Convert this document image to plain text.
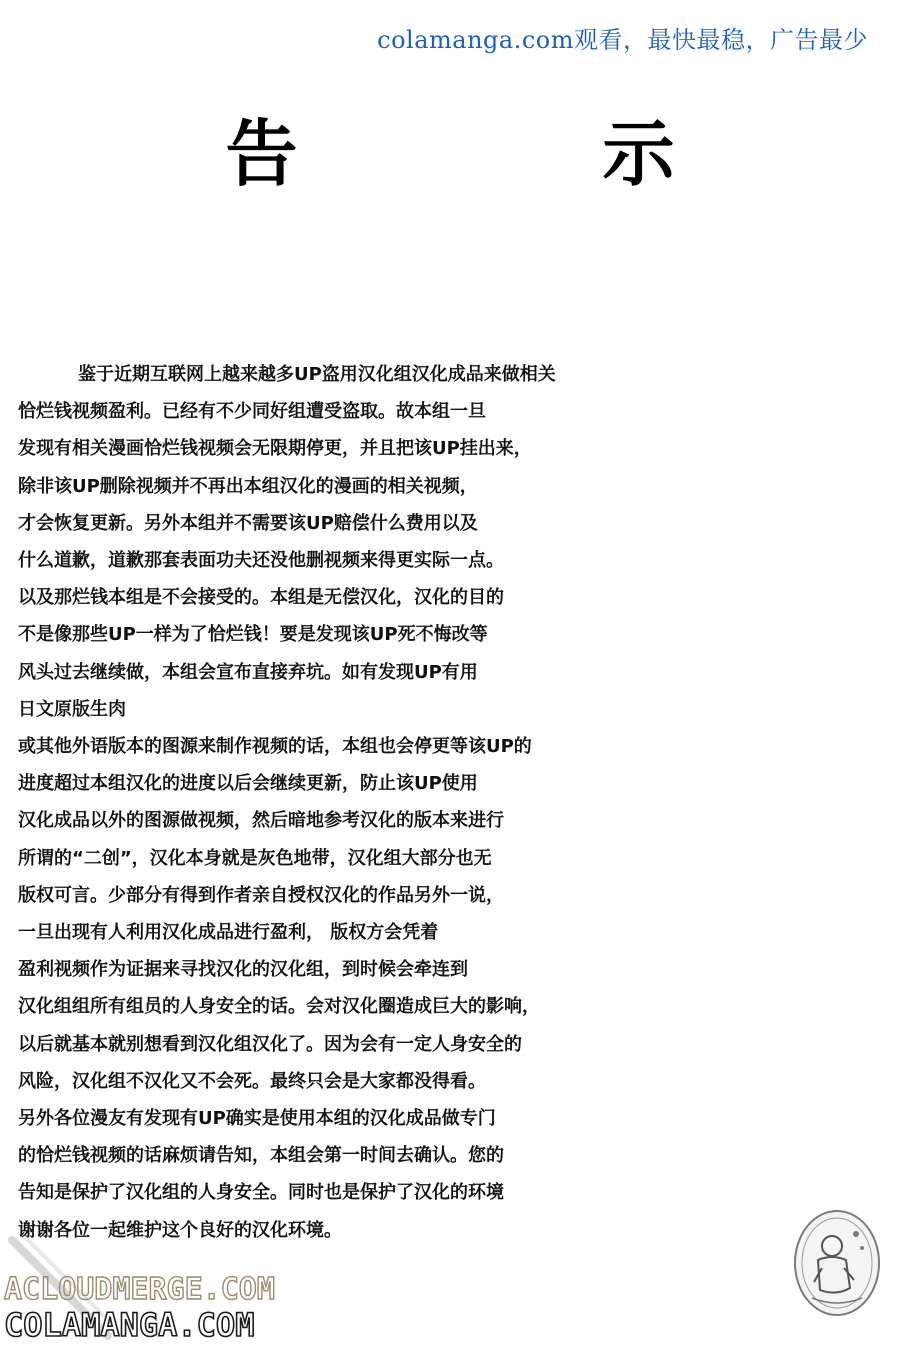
colamanga.com观看，最快最稳，广告最少
告 示
鉴于近期互联网上越来越多UP盗用汉化组汉化成品来做相关
恰烂钱视频盈利。已经有不少同好组遭受盗取。故本组一旦
发现有相关漫画恰烂钱视频会无限期停更，并且把该UP挂出来，
除非该UP删除视频并不再出本组汉化的漫画的相关视频，
才会恢复更新。另外本组并不需要该UP赔偿什么费用以及
什么道歉，道歉那套表面功夫还没他删视频来得更实际一点。
以及那烂钱本组是不会接受的。本组是无偿汉化，汉化的目的
不是像那些UP一样为了恰烂钱！要是发现该UP死不悔改等
风头过去继续做，本组会宣布直接弃坑。如有发现UP有用
日文原版生肉
或其他外语版本的图源来制作视频的话，本组也会停更等该UP的
进度超过本组汉化的进度以后会继续更新，防止该UP使用
汉化成品以外的图源做视频，然后暗地参考汉化的版本来进行
所谓的“二创”，汉化本身就是灰色地带，汉化组大部分也无
版权可言。少部分有得到作者亲自授权汉化的作品另外一说，
一旦出现有人利用汉化成品进行盈利， 版权方会凭着
盈利视频作为证据来寻找汉化的汉化组，到时候会牵连到
汉化组组所有组员的人身安全的话。会对汉化圈造成巨大的影响，
以后就基本就别想看到汉化组汉化了。因为会有一定人身安全的
风险，汉化组不汉化又不会死。最终只会是大家都没得看。
另外各位漫友有发现有UP确实是使用本组的汉化成品做专门
的恰烂钱视频的话麻烦请告知，本组会第一时间去确认。您的
告知是保护了汉化组的人身安全。同时也是保护了汉化的环境
谢谢各位一起维护这个良好的汉化环境。
ACLOUDMERGE.COM
COLAMANGA.COM
